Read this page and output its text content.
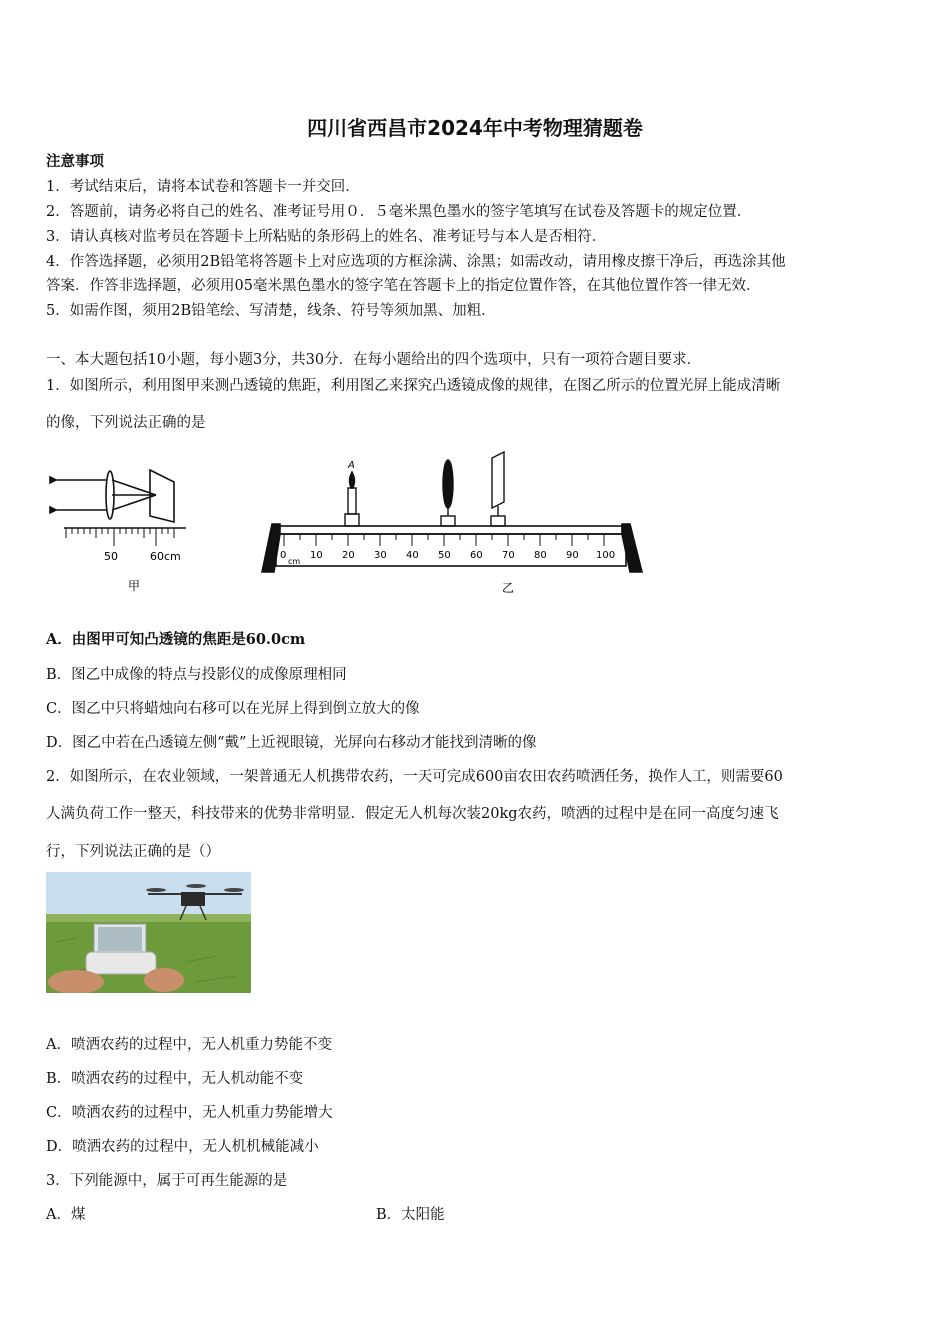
四川省西昌市2024年中考物理猜题卷
注意事项
1．考试结束后，请将本试卷和答题卡一并交回．
2．答题前，请务必将自己的姓名、准考证号用０．５毫米黑色墨水的签字笔填写在试卷及答题卡的规定位置．
3．请认真核对监考员在答题卡上所粘贴的条形码上的姓名、准考证号与本人是否相符．
4．作答选择题，必须用2B铅笔将答题卡上对应选项的方框涂满、涂黑；如需改动，请用橡皮擦干净后，再选涂其他
答案．作答非选择题，必须用05毫米黑色墨水的签字笔在答题卡上的指定位置作答，在其他位置作答一律无效．
5．如需作图，须用2B铅笔绘、写清楚，线条、符号等须加黑、加粗．
一、本大题包括10小题，每小题3分，共30分．在每小题给出的四个选项中，只有一项符合题目要求．
1．如图所示，利用图甲来测凸透镜的焦距，利用图乙来探究凸透镜成像的规律，在图乙所示的位置光屏上能成清晰
的像，下列说法正确的是
50	60cm
甲
A
0
cm
10 20 30 40 50 60 70 80 90 100
乙
A．由图甲可知凸透镜的焦距是60.0cm
B．图乙中成像的特点与投影仪的成像原理相同
C．图乙中只将蜡烛向右移可以在光屏上得到倒立放大的像
D．图乙中若在凸透镜左侧“戴”上近视眼镜，光屏向右移动才能找到清晰的像
2．如图所示，在农业领域，一架普通无人机携带农药，一天可完成600亩农田农药喷洒任务，换作人工，则需要60
人满负荷工作一整天，科技带来的优势非常明显．假定无人机每次装20kg农药，喷洒的过程中是在同一高度匀速飞
行，下列说法正确的是（）
A．喷洒农药的过程中，无人机重力势能不变
B．喷洒农药的过程中，无人机动能不变
C．喷洒农药的过程中，无人机重力势能增大
D．喷洒农药的过程中，无人机机械能减小
3．下列能源中，属于可再生能源的是
A．煤	B．太阳能
